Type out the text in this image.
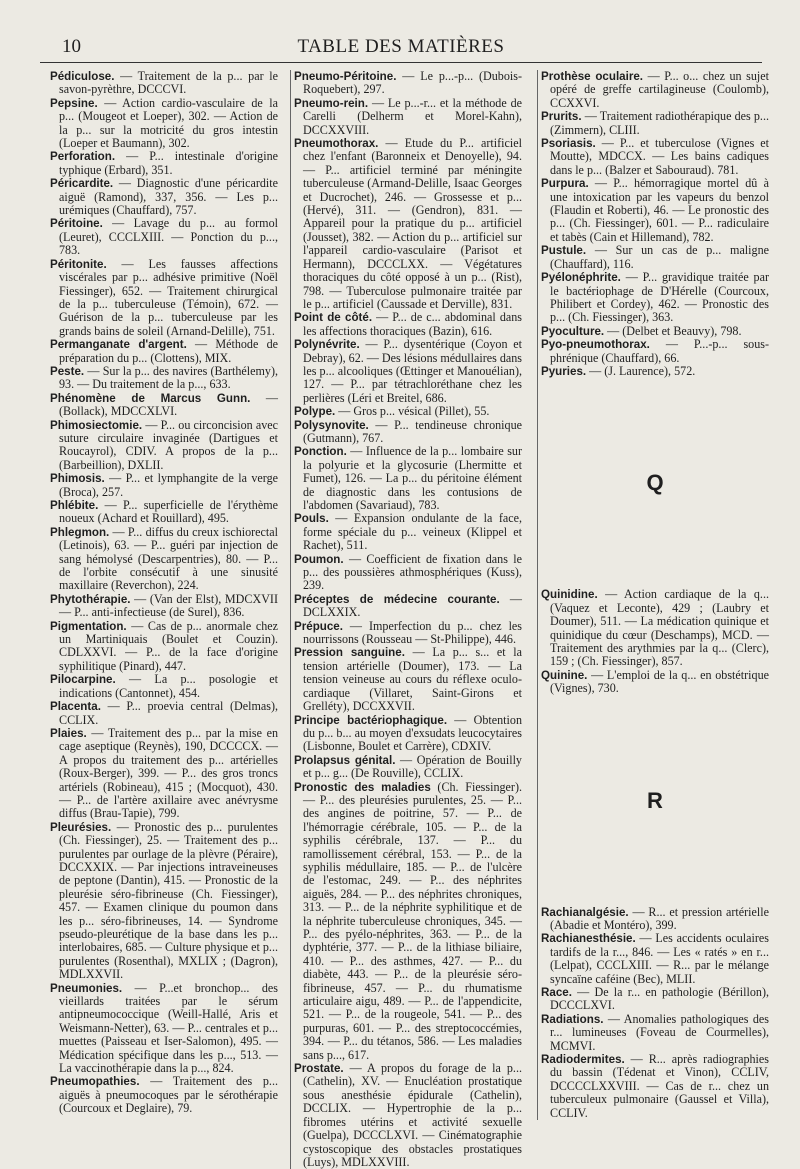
10	TABLE DES MATIÈRES

Pédiculose. — Traitement de la p... par le savon-pyrèthre, DCCCVI.

Pepsine. — Action cardio-vasculaire de la p... (Mougeot et Loeper), 302. — Action de la p... sur la motricité du gros intestin (Loeper et Baumann), 302.

Perforation. — P... intestinale d'origine typhique (Erbard), 351.

Péricardite. — Diagnostic d'une péricardite aiguë (Ramond), 337, 356. — Les p... urémiques (Chauffard), 757.

Péritoine. — Lavage du p... au formol (Leuret), CCCLXIII. — Ponction du p..., 783.

Péritonite. — Les fausses affections viscérales par p... adhésive primitive (Noël Fiessinger), 652. — Traitement chirurgical de la p... tuberculeuse (Témoin), 672. — Guérison de la p... tuberculeuse par les grands bains de soleil (Arnand-Delille), 751.

Permanganate d'argent. — Méthode de préparation du p... (Clottens), MIX.

Peste. — Sur la p... des navires (Barthélemy), 93. — Du traitement de la p..., 633.

Phénomène de Marcus Gunn. — (Bollack), MDCCXLVI.

Phimosiectomie. — P... ou circoncision avec suture circulaire invaginée (Dartigues et Roucayrol), CDIV. A propos de la p... (Barbeillion), DXLII.

Phimosis. — P... et lymphangite de la verge (Broca), 257.

Phlébite. — P... superficielle de l'érythème noueux (Achard et Rouillard), 495.

Phlegmon. — P... diffus du creux ischiorectal (Letinois), 63. — P... guéri par injection de sang hémolysé (Descarpentries), 80. — P... de l'orbite consécutif à une sinusité maxillaire (Reverchon), 224.

Phytothérapie. — (Van der Elst), MDCXVII — P... anti-infectieuse (de Surel), 836.

Pigmentation. — Cas de p... anormale chez un Martiniquais (Boulet et Couzin). CDLXXVI. — P... de la face d'origine syphilitique (Pinard), 447.

Pilocarpine. — La p... posologie et indications (Cantonnet), 454.

Placenta. — P... proevia central (Delmas), CCLIX.

Plaies. — Traitement des p... par la mise en cage aseptique (Reynès), 190, DCCCCX. — A propos du traitement des p... artérielles (Roux-Berger), 399. — P... des gros troncs artériels (Robineau), 415 ; (Mocquot), 430. — P... de l'artère axillaire avec anévrysme diffus (Brau-Tapie), 799.

Pleurésies. — Pronostic des p... purulentes (Ch. Fiessinger), 25. — Traitement des p... purulentes par ourlage de la plèvre (Péraire), DCCXXIX. — Par injections intraveineuses de peptone (Dantin), 415. — Pronostic de la pleurésie séro-fibrineuse (Ch. Fiessinger), 457. — Examen clinique du poumon dans les p... séro-fibrineuses, 14. — Syndrome pseudo-pleurétique de la base dans les p... interlobaires, 685. — Culture physique et p... purulentes (Rosenthal), MXLIX ; (Dagron), MDLXXVII.

Pneumonies. — P...et bronchop... des vieillards traitées par le sérum antipneumococcique (Weill-Hallé, Aris et Weismann-Netter), 63. — P... centrales et p... muettes (Paisseau et Iser-Salomon), 495. — Médication spécifique dans les p..., 513. — La vaccinothérapie dans la p..., 824.

Pneumopathies. — Traitement des p... aiguës à pneumocoques par le sérothérapie (Courcoux et Deglaire), 79.

Pneumo-Péritoine. — Le p...-p... (Dubois-Roquebert), 297.

Pneumo-rein. — Le p...-r... et la méthode de Carelli (Delherm et Morel-Kahn), DCCXXVIII.

Pneumothorax. — Etude du P... artificiel chez l'enfant (Baronneix et Denoyelle), 94. — P... artificiel terminé par méningite tuberculeuse (Armand-Delille, Isaac Georges et Ducrochet), 246. — Grossesse et p... (Hervé), 311. — (Gendron), 831. — Appareil pour la pratique du p... artificiel (Jousset), 382. — Action du p... artificiel sur l'appareil cardio-vasculaire (Parisot et Hermann), DCCCLXX. — Végétatures thoraciques du côté opposé à un p... (Rist), 798. — Tuberculose pulmonaire traitée par le p... artificiel (Caussade et Derville), 831.

Point de côté. — P... de c... abdominal dans les affections thoraciques (Bazin), 616.

Polynévrite. — P... dysentérique (Coyon et Debray), 62. — Des lésions médullaires dans les p... alcooliques (Œttinger et Manouélian), 127. — P... par tétrachloréthane chez les perlières (Léri et Breitel, 686.

Polype. — Gros p... vésical (Pillet), 55.

Polysynovite. — P... tendineuse chronique (Gutmann), 767.

Ponction. — Influence de la p... lombaire sur la polyurie et la glycosurie (Lhermitte et Fumet), 126. — La p... du péritoine élément de diagnostic dans les contusions de l'abdomen (Savariaud), 783.

Pouls. — Expansion ondulante de la face, forme spéciale du p... veineux (Klippel et Rachet), 511.

Poumon. — Coefficient de fixation dans le p... des poussières athmosphériques (Kuss), 239.

Préceptes de médecine courante. — DCLXXIX.

Prépuce. — Imperfection du p... chez les nourrissons (Rousseau — St-Philippe), 446.

Pression sanguine. — La p... s... et la tension artérielle (Doumer), 173. — La tension veineuse au cours du réflexe oculo-cardiaque (Villaret, Saint-Girons et Grelléty), DCCXXVII.

Principe bactériophagique. — Obtention du p... b... au moyen d'exsudats leucocytaires (Lisbonne, Boulet et Carrère), CDXIV.

Prolapsus génital. — Opération de Bouilly et p... g... (De Rouville), CCLIX.

Pronostic des maladies (Ch. Fiessinger). — P... des pleurésies purulentes, 25. — P... des angines de poitrine, 57. — P... de l'hémorragie cérébrale, 105. — P... de la syphilis cérébrale, 137. — P... du ramollissement cérébral, 153. — P... de la syphilis médullaire, 185. — P... de l'ulcère de l'estomac, 249. — P... des néphrites aiguës, 284. — P... des néphrites chroniques, 313. — P... de la néphrite syphilitique et de la néphrite tuberculeuse chroniques, 345. — P... des pyélo-néphrites, 363. — P... de la dyphtérie, 377. — P... de la lithiase biliaire, 410. — P... des asthmes, 427. — P... du diabète, 443. — P... de la pleurésie séro-fibrineuse, 457. — P... du rhumatisme articulaire aigu, 489. — P... de l'appendicite, 521. — P... de la rougeole, 541. — P... des purpuras, 601. — P... des streptococcémies, 394. — P... du tétanos, 586. — Les maladies sans p..., 617.

Prostate. — A propos du forage de la p... (Cathelin), XV. — Enucléation prostatique sous anesthésie épidurale (Cathelin), DCCLIX. — Hypertrophie de la p... fibromes utérins et activité sexuelle (Guelpa), DCCCLXVI. — Cinématographie cystoscopique des obstacles prostatiques (Luys), MDLXXVIII.

Prothèse oculaire. — P... o... chez un sujet opéré de greffe cartilagineuse (Coulomb), CCXXVI.

Prurits. — Traitement radiothérapique des p... (Zimmern), CLIII.

Psoriasis. — P... et tuberculose (Vignes et Moutte), MDCCX. — Les bains cadiques dans le p... (Balzer et Sabouraud). 781.

Purpura. — P... hémorragique mortel dû à une intoxication par les vapeurs du benzol (Flaudin et Roberti), 46. — Le pronostic des p... (Ch. Fiessinger), 601. — P... radiculaire et tabès (Cain et Hillemand), 782.

Pustule. — Sur un cas de p... maligne (Chauffard), 116.

Pyélonéphrite. — P... gravidique traitée par le bactériophage de D'Hérelle (Courcoux, Philibert et Cordey), 462. — Pronostic des p... (Ch. Fiessinger), 363.

Pyoculture. — (Delbet et Beauvy), 798.

Pyo-pneumothorax. — P...-p... sous-phrénique (Chauffard), 66.

Pyuries. — (J. Laurence), 572.

Q

Quinidine. — Action cardiaque de la q... (Vaquez et Leconte), 429 ; (Laubry et Doumer), 511. — La médication quinique et quinidique du cœur (Deschamps), MCD. — Traitement des arythmies par la q... (Clerc), 159 ; (Ch. Fiessinger), 857.

Quinine. — L'emploi de la q... en obstétrique (Vignes), 730.

R

Rachianalgésie. — R... et pression artérielle (Abadie et Montéro), 399.

Rachianesthésie. — Les accidents oculaires tardifs de la r..., 846. — Les « ratés » en r... (Lelpat), CCCLXIII. — R... par le mélange syncaïne caféine (Bec), MLII.

Race. — De la r... en pathologie (Bérillon), DCCCLXVI.

Radiations. — Anomalies pathologiques des r... lumineuses (Foveau de Courmelles), MCMVI.

Radiodermites. — R... après radiographies du bassin (Tédenat et Vinon), CCLIV, DCCCCLXXVIII. — Cas de r... chez un tuberculeux pulmonaire (Gaussel et Villa), CCLIV.
